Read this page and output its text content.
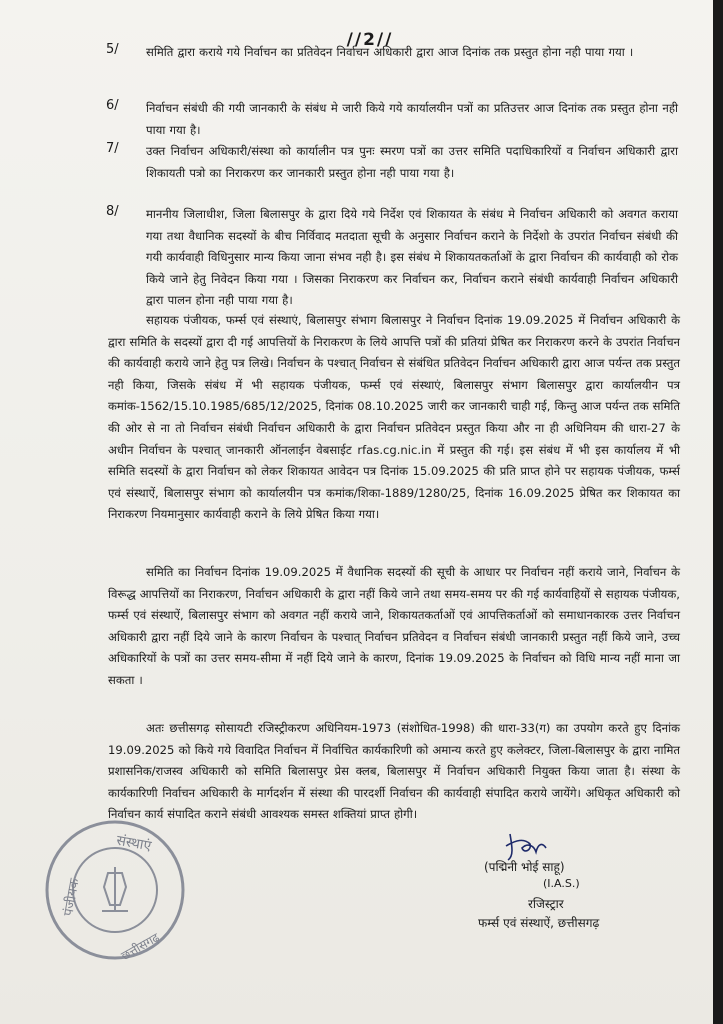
//2//
5/	समिति द्वारा कराये गये निर्वाचन का प्रतिवेदन निर्वाचन अधिकारी द्वारा आज दिनांक तक प्रस्तुत होना नही पाया गया ।
6/	निर्वाचन संबंधी की गयी जानकारी के संबंध मे जारी किये गये कार्यालयीन पत्रों का प्रतिउत्तर आज दिनांक तक प्रस्तुत होना नही पाया गया है।
7/	उक्त निर्वाचन अधिकारी/संस्था को कार्यालीन पत्र पुनः स्मरण पत्रों का उत्तर समिति पदाधिकारियों व निर्वाचन अधिकारी द्वारा शिकायती पत्रो का निराकरण कर जानकारी प्रस्तुत होना नही पाया गया है।
8/	माननीय जिलाधीश, जिला बिलासपुर के द्वारा दिये गये निर्देश एवं शिकायत के संबंध मे निर्वाचन अधिकारी को अवगत कराया गया तथा वैधानिक सदस्यों के बीच निर्विवाद मतदाता सूची के अनुसार निर्वाचन कराने के निर्देशो के उपरांत निर्वाचन संबंधी की गयी कार्यवाही विधिनुसार मान्य किया जाना संभव नही है। इस संबंध मे शिकायतकर्ताओं के द्वारा निर्वाचन की कार्यवाही को रोक किये जाने हेतु निवेदन किया गया । जिसका निराकरण कर निर्वाचन कर, निर्वाचन कराने संबंधी कार्यवाही निर्वाचन अधिकारी द्वारा पालन होना नही पाया गया है।
सहायक पंजीयक, फर्म्स एवं संस्थाएं, बिलासपुर संभाग बिलासपुर ने निर्वाचन दिनांक 19.09.2025 में निर्वाचन अधिकारी के द्वारा समिति के सदस्यों द्वारा दी गई आपत्तियों के निराकरण के लिये आपत्ति पत्रों की प्रतियां प्रेषित कर निराकरण करने के उपरांत निर्वाचन की कार्यवाही कराये जाने हेतु पत्र लिखे। निर्वाचन के पश्चात् निर्वाचन से संबंधित प्रतिवेदन निर्वाचन अधिकारी द्वारा आज पर्यन्त तक प्रस्तुत नही किया, जिसके संबंध में भी सहायक पंजीयक, फर्म्स एवं संस्थाएं, बिलासपुर संभाग बिलासपुर द्वारा कार्यालयीन पत्र कमांक-1562/15.10.1985/685/12/2025, दिनांक 08.10.2025 जारी कर जानकारी चाही गई, किन्तु आज पर्यन्त तक समिति की ओर से ना तो निर्वाचन संबंधी निर्वाचन अधिकारी के द्वारा निर्वाचन प्रतिवेदन प्रस्तुत किया और ना ही अधिनियम की धारा-27 के अधीन निर्वाचन के पश्चात् जानकारी ऑनलाईन वेबसाईट rfas.cg.nic.in में प्रस्तुत की गई। इस संबंध में भी इस कार्यालय में भी समिति सदस्यों के द्वारा निर्वाचन को लेकर शिकायत आवेदन पत्र दिनांक 15.09.2025 की प्रति प्राप्त होने पर सहायक पंजीयक, फर्म्स एवं संस्थाऐं, बिलासपुर संभाग को कार्यालयीन पत्र कमांक/शिका-1889/1280/25, दिनांक 16.09.2025 प्रेषित कर शिकायत का निराकरण नियमानुसार कार्यवाही कराने के लिये प्रेषित किया गया।
समिति का निर्वाचन दिनांक 19.09.2025 में वैधानिक सदस्यों की सूची के आधार पर निर्वाचन नहीं कराये जाने, निर्वाचन के विरूद्ध आपत्तियों का निराकरण, निर्वाचन अधिकारी के द्वारा नहीं किये जाने तथा समय-समय पर की गई कार्यवाहियों से सहायक पंजीयक, फर्म्स एवं संस्थाऐं, बिलासपुर संभाग को अवगत नहीं कराये जाने, शिकायतकर्ताओं एवं आपत्तिकर्ताओं को समाधानकारक उत्तर निर्वाचन अधिकारी द्वारा नहीं दिये जाने के कारण निर्वाचन के पश्चात् निर्वाचन प्रतिवेदन व निर्वाचन संबंधी जानकारी प्रस्तुत नहीं किये जाने, उच्च अधिकारियों के पत्रों का उत्तर समय-सीमा में नहीं दिये जाने के कारण, दिनांक 19.09.2025 के निर्वाचन को विधि मान्य नहीं माना जा सकता ।
अतः छत्तीसगढ़ सोसायटी रजिस्ट्रीकरण अधिनियम-1973 (संशोधित-1998) की धारा-33(ग) का उपयोग करते हुए दिनांक 19.09.2025 को किये गये विवादित निर्वाचन में निर्वाचित कार्यकारिणी को अमान्य करते हुए कलेक्टर, जिला-बिलासपुर के द्वारा नामित प्रशासनिक/राजस्व अधिकारी को समिति बिलासपुर प्रेस क्लब, बिलासपुर में निर्वाचन अधिकारी नियुक्त किया जाता है। संस्था के कार्यकारिणी निर्वाचन अधिकारी के मार्गदर्शन में संस्था की पारदर्शी निर्वाचन की कार्यवाही संपादित कराये जायेंगे। अधिकृत अधिकारी को निर्वाचन कार्य संपादित कराने संबंधी आवश्यक समस्त शक्तियां प्राप्त होगी।
(पद्मिनी भोई साहू)
(I.A.S.)
रजिस्ट्रार
फर्म्स एवं संस्थाऐं, छत्तीसगढ़
संस्थाएं
पंजीयक
छत्तीसगढ़
